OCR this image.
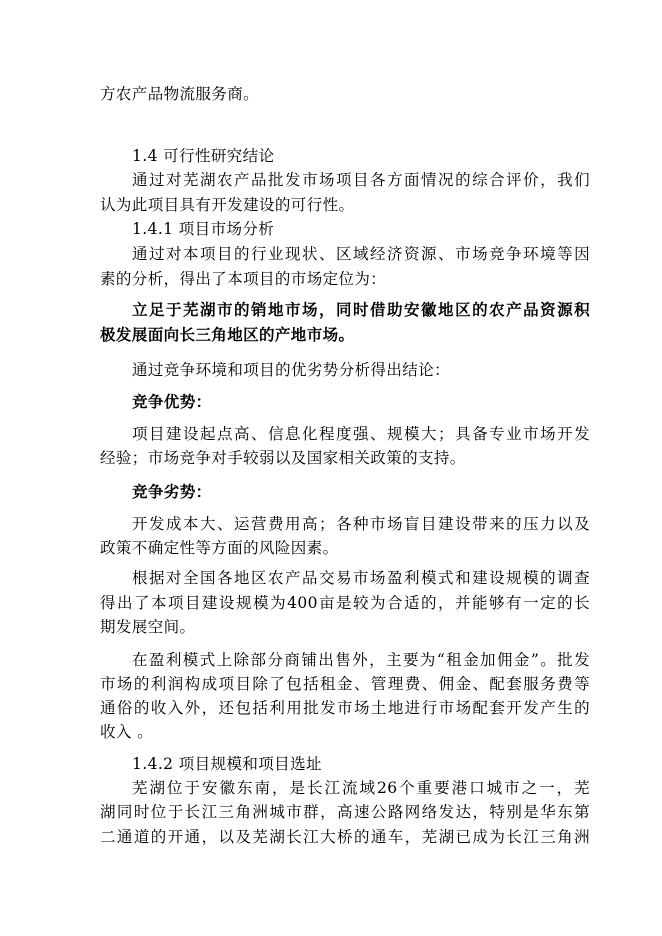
方农产品物流服务商。
1.4 可行性研究结论
通过对芜湖农产品批发市场项目各方面情况的综合评价，我们
认为此项目具有开发建设的可行性。
1.4.1 项目市场分析
通过对本项目的行业现状、区域经济资源、市场竞争环境等因
素的分析，得出了本项目的市场定位为：
立足于芜湖市的销地市场，同时借助安徽地区的农产品资源积
极发展面向长三角地区的产地市场。
通过竞争环境和项目的优劣势分析得出结论：
竞争优势：
项目建设起点高、信息化程度强、规模大；具备专业市场开发
经验；市场竞争对手较弱以及国家相关政策的支持。
竞争劣势：
开发成本大、运营费用高；各种市场盲目建设带来的压力以及
政策不确定性等方面的风险因素。
根据对全国各地区农产品交易市场盈利模式和建设规模的调查
得出了本项目建设规模为400亩是较为合适的，并能够有一定的长
期发展空间。
在盈利模式上除部分商铺出售外，主要为“租金加佣金”。批发
市场的利润构成项目除了包括租金、管理费、佣金、配套服务费等
通俗的收入外，还包括利用批发市场土地进行市场配套开发产生的
收入 。
1.4.2 项目规模和项目选址
芜湖位于安徽东南，是长江流域26个重要港口城市之一，芜
湖同时位于长江三角洲城市群，高速公路网络发达，特别是华东第
二通道的开通，以及芜湖长江大桥的通车，芜湖已成为长江三角洲
